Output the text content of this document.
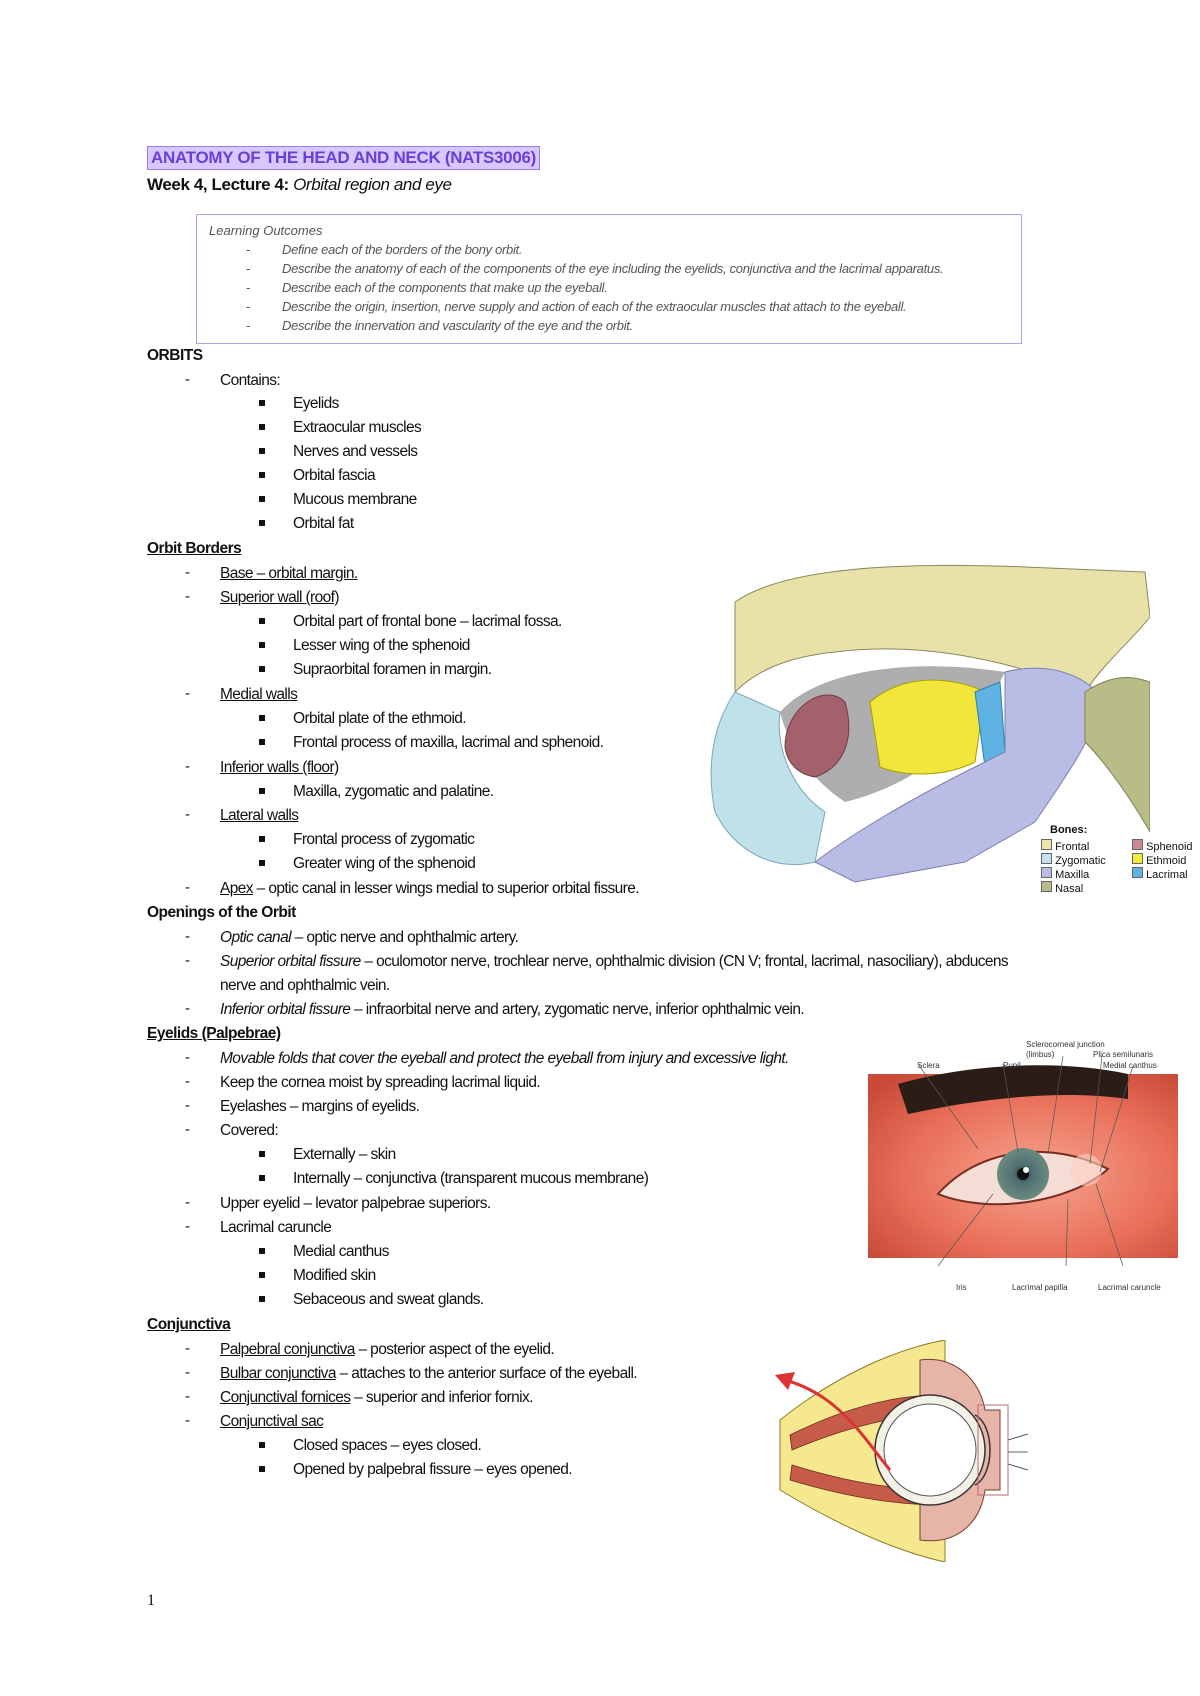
ANATOMY OF THE HEAD AND NECK (NATS3006)
Week 4, Lecture 4: Orbital region and eye
Learning Outcomes
- Define each of the borders of the bony orbit.
- Describe the anatomy of each of the components of the eye including the eyelids, conjunctiva and the lacrimal apparatus.
- Describe each of the components that make up the eyeball.
- Describe the origin, insertion, nerve supply and action of each of the extraocular muscles that attach to the eyeball.
- Describe the innervation and vascularity of the eye and the orbit.
ORBITS
- Contains:
Eyelids
Extraocular muscles
Nerves and vessels
Orbital fascia
Mucous membrane
Orbital fat
Orbit Borders
- Base – orbital margin.
- Superior wall (roof)
Orbital part of frontal bone – lacrimal fossa.
Lesser wing of the sphenoid
Supraorbital foramen in margin.
- Medial walls
Orbital plate of the ethmoid.
Frontal process of maxilla, lacrimal and sphenoid.
- Inferior walls (floor)
Maxilla, zygomatic and palatine.
- Lateral walls
Frontal process of zygomatic
Greater wing of the sphenoid
- Apex – optic canal in lesser wings medial to superior orbital fissure.
Openings of the Orbit
- Optic canal – optic nerve and ophthalmic artery.
- Superior orbital fissure – oculomotor nerve, trochlear nerve, ophthalmic division (CN V; frontal, lacrimal, nasociliary), abducens
nerve and ophthalmic vein.
- Inferior orbital fissure – infraorbital nerve and artery, zygomatic nerve, inferior ophthalmic vein.
Eyelids (Palpebrae)
- Movable folds that cover the eyeball and protect the eyeball from injury and excessive light.
- Keep the cornea moist by spreading lacrimal liquid.
- Eyelashes – margins of eyelids.
- Covered:
Externally – skin
Internally – conjunctiva (transparent mucous membrane)
- Upper eyelid – levator palpebrae superiors.
- Lacrimal caruncle
Medial canthus
Modified skin
Sebaceous and sweat glands.
Conjunctiva
- Palpebral conjunctiva – posterior aspect of the eyelid.
- Bulbar conjunctiva – attaches to the anterior surface of the eyeball.
- Conjunctival fornices – superior and inferior fornix.
- Conjunctival sac
Closed spaces – eyes closed.
Opened by palpebral fissure – eyes opened.
Bones:
Frontal	Sphenoid
Zygomatic	Ethmoid
Maxilla	Lacrimal
Nasal
Sclerocorneal junction
(limbus)	Plica semilunaris
Sclera	Pupil	Medial canthus
Iris	Lacrimal papilla	Lacrimal caruncle
1
